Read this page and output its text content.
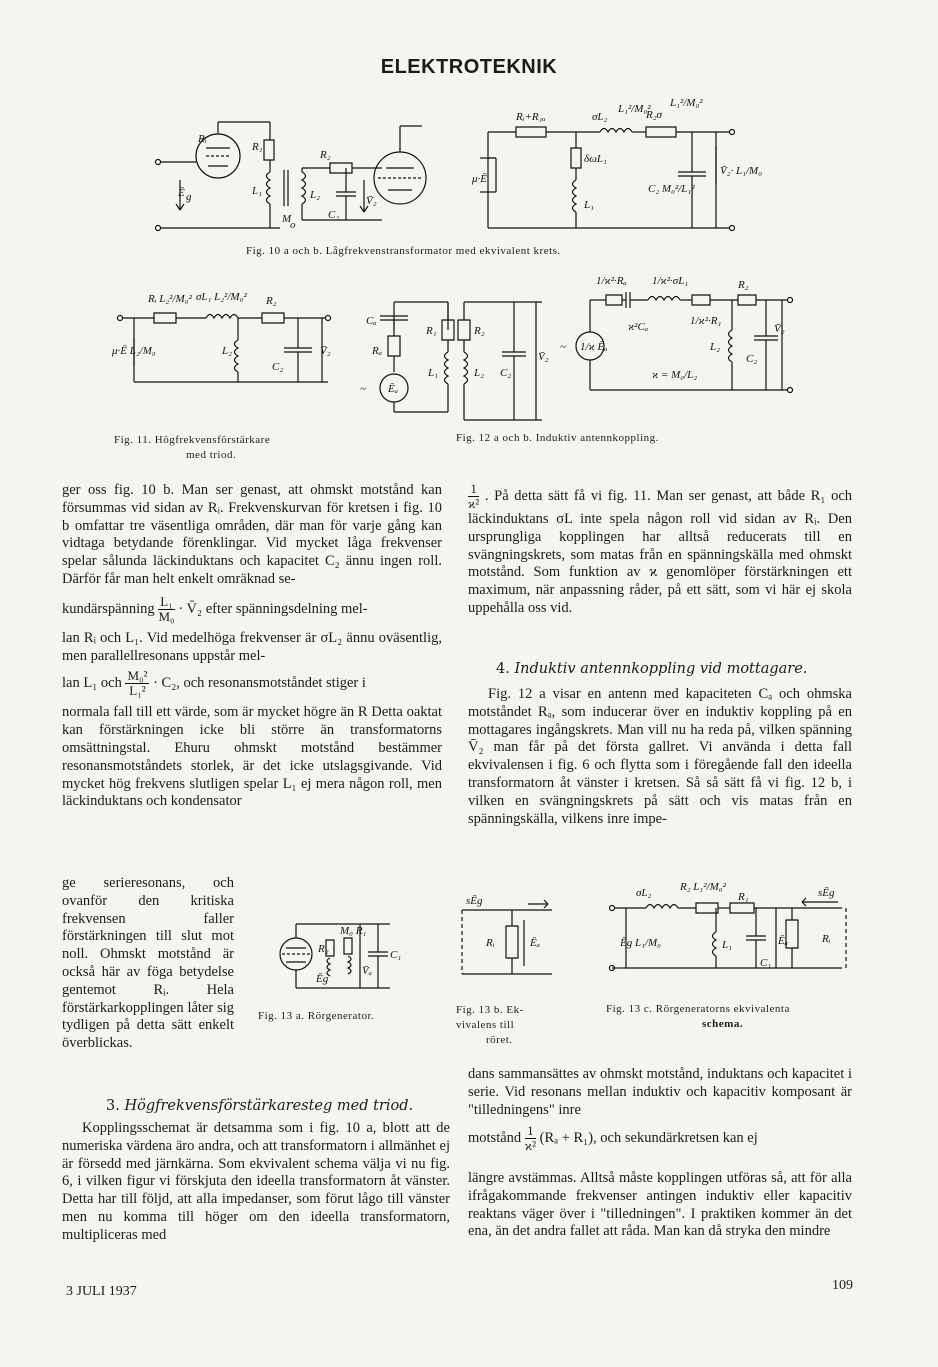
ELEKTROTEKNIK
Rᵢ
Ē g
R₁
L₁	L₂
R₂
C₂
V̄₂
M
o
Rᵢ+R₁ₐ	σL₂
L₁²/M₀²
R₂σ
L₁²/M₀²
δωL₁
L₁
μ·Ē
C₂ M₀²/L₁²
V̄₂· L₁/M₀
Fig. 10 a och b. Lågfrekvenstransformator med ekvivalent krets.
Rᵢ L₂²/M₀² σL₁ L₂²/M₀² R₂
μ·Ē L₂/M₀	L₂
C₂
V̄₂
Fig. 11. Högfrekvensförstärkare
med triod.
Cₐ
Rₐ
Ēₐ
~
R₁	R₂
L₁	L₂ C₂
V̄₂
1/ϰ²·Rₐ 1/ϰ²·σL₁	R₂
ϰ²Cₐ	1/ϰ²·R₁
1/ϰ Ēₐ
~	L₂
C₂
V̄₂
ϰ = M₀/L₂
Fig. 12 a och b. Induktiv antennkoppling.

ger oss fig. 10 b. Man ser genast, att ohmskt motstånd kan försummas vid sidan av Rᵢ. Frekvenskurvan för kretsen i fig. 10 b omfattar tre väsentliga områden, där man för varje gång kan vidtaga betydande förenklingar. Vid mycket låga frekvenser spelar sålunda läckinduktans och kapacitet C₂ ännu ingen roll. Därför får man helt enkelt omräknad se-

kundärspänning $\frac{\text{L₁}}{\text{M₀}}$ · V̄₂ efter spänningsdelning mel-

lan Rᵢ och L₁. Vid medelhöga frekvenser är σL₂ ännu oväsentlig, men parallellresonans uppstår mel-

lan L₁ och $\frac{\text{M₀²}}{\text{L₁²}} \cdot C_2$, och resonansmotståndet stiger i

normala fall till ett värde, som är mycket högre än R Detta oaktat kan förstärkningen icke bli större än transformatorns omsättningstal. Ehuru ohmskt motstånd bestämmer resonansmotståndets storlek, är det icke utslagsgivande. Vid mycket hög frekvens slutligen spelar L₁ ej mera någon roll, men läckinduktans och kondensator

ge serieresonans, och ovanför den kritiska frekvensen faller förstärkningen till slut mot noll. Ohmskt motstånd är också här av föga betydelse gentemot Rᵢ. Hela förstärkarkopplingen låter sig tydligen på detta sätt enkelt överblickas.
M₀ R₁
R₂	C₁
V̄ₐ
Ēg
Fig. 13 a. Rörgenerator.
3. Högfrekvensförstärkaresteg med triod.
Kopplingsschemat är detsamma som i fig. 10 a, blott att de numeriska värdena äro andra, och att transformatorn i allmänhet ej är försedd med järnkärna. Som ekvivalent schema välja vi nu fig. 6, i vilken figur vi förskjuta den ideella transformatorn åt vänster. Detta har till följd, att alla impedanser, som förut lågo till vänster men nu komma till höger om den ideella transformatorn, multipliceras med

$\frac{1}{\text{ϰ²}}$ . På detta sätt få vi fig. 11. Man ser genast, att både R₁ och läckinduktans σL inte spela någon roll vid sidan av Rᵢ. Den ursprungliga kopplingen har alltså reducerats till en svängningskrets, som matas från en spänningskälla med ohmskt motstånd. Som funktion av ϰ genomlöper förstärkningen ett maximum, när anpassning råder, på ett sätt, som vi här ej skola uppehålla oss vid.

4. Induktiv antennkoppling vid mottagare.
Fig. 12 a visar en antenn med kapaciteten Cₐ och ohmska motståndet Rₐ, som inducerar över en induktiv koppling på en mottagares ingångskrets. Man vill nu ha reda på, vilken spänning V̄₂ man får på det första gallret. Vi använda i detta fall ekvivalensen i fig. 6 och flytta som i föregående fall den ideella transformatorn åt vänster i kretsen. Så så sätt få vi fig. 12 b, i vilken en svängningskrets på sätt och vis matas från en spänningskälla, vilkens inre impe-
sĒg
Rᵢ	Ēₐ
Fig. 13 b. Ek-
vivalens till
röret.
σL₂	R₂ L₁²/M₀²
R₁	sĒg
Ēg L₁/M₀	L₁
C₁
Ēₐ	Rᵢ
Fig. 13 c. Rörgeneratorns ekvivalenta
schema.
dans sammansättes av ohmskt motstånd, induktans och kapacitet i serie. Vid resonans mellan induktiv och kapacitiv komposant är "tilledningens" inre
motstånd $\frac{1}{\text{ϰ²}} (R_a + R_1)$, och sekundärkretsen kan ej
längre avstämmas. Alltså måste kopplingen utföras så, att för alla ifrågakommande frekvenser antingen induktiv eller kapacitiv reaktans väger över i "tilledningen". I praktiken kommer än det ena, än det andra fallet att råda. Man kan då stryka den mindre
3 JULI 1937	109
